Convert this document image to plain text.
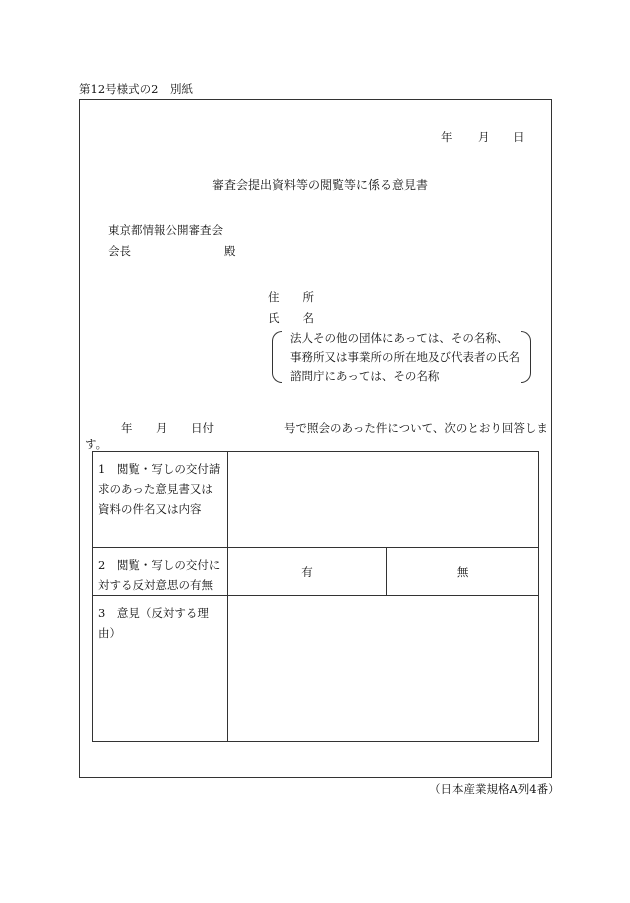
第12号様式の2　別紙
年 月 日
審査会提出資料等の閲覧等に係る意見書
東京都情報公開審査会
会長	殿
住　　所
氏　　名
法人その他の団体にあっては、その名称、
事務所又は事業所の所在地及び代表者の氏名
諮問庁にあっては、その名称
年 月 日付	号で照会のあった件について、次のとおり回答しま
す。
1　閲覧・写しの交付請
求のあった意見書又は
資料の件名又は内容		

2　閲覧・写しの交付に
対する反対意思の有無	有	無

3　意見（反対する理由）		

（日本産業規格A列4番）
